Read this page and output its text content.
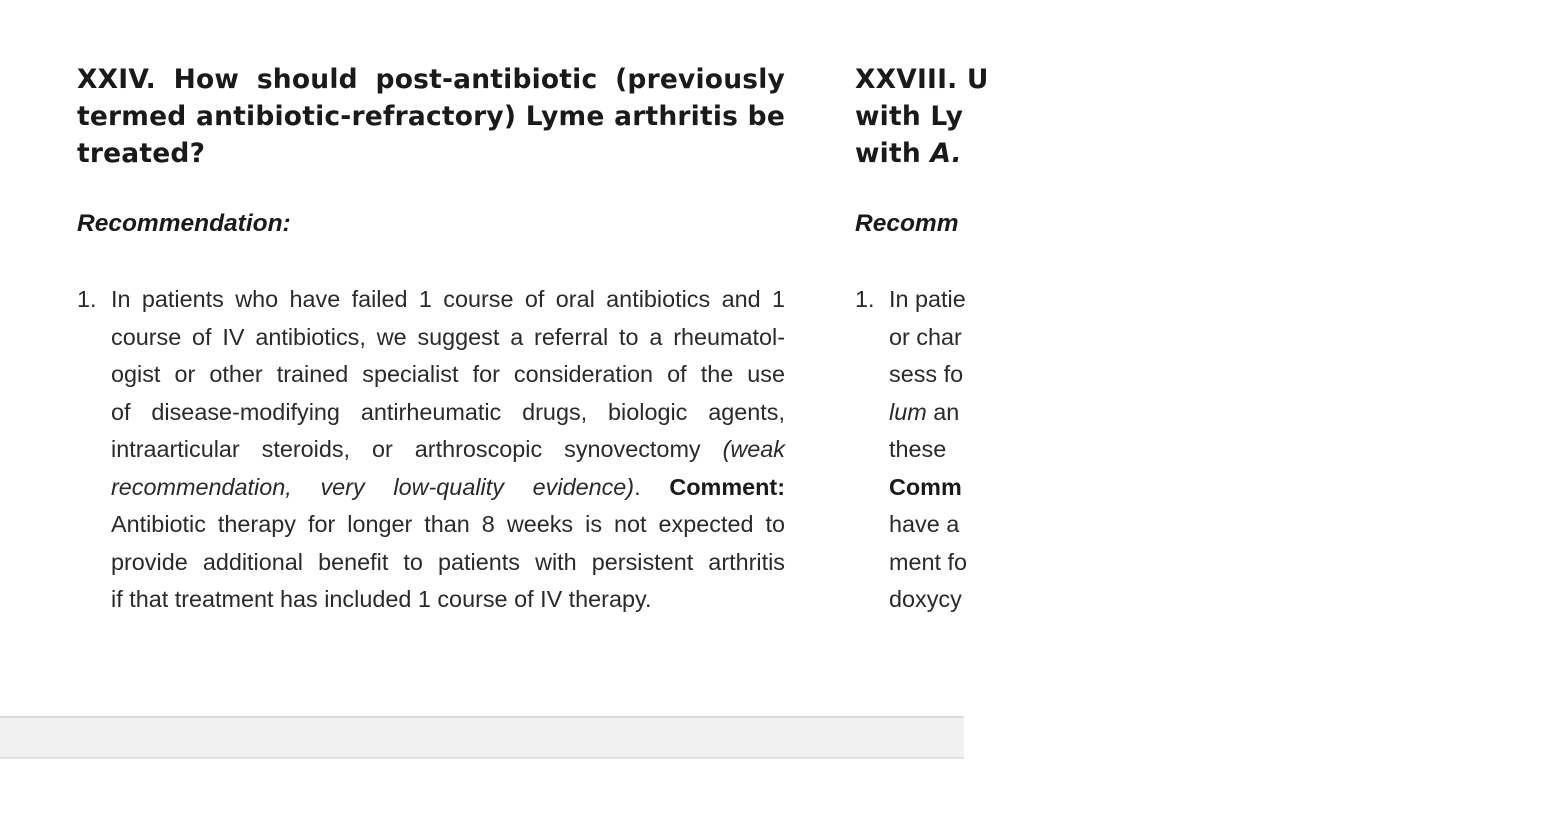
XXIV. How should post-antibiotic (previously
termed antibiotic-refractory) Lyme arthritis be
treated?
Recommendation:
1. In patients who have failed 1 course of oral antibiotics and 1
course of IV antibiotics, we suggest a referral to a rheumatol-
ogist or other trained specialist for consideration of the use
of disease-modifying antirheumatic drugs, biologic agents,
intraarticular steroids, or arthroscopic synovectomy (weak
recommendation, very low-quality evidence). Comment:
Antibiotic therapy for longer than 8 weeks is not expected to
provide additional benefit to patients with persistent arthritis
if that treatment has included 1 course of IV therapy.
XXVIII. U
with Ly
with A.
Recomm
1. In patie
or char
sess fo
lum an
these
Comm
have a
ment fo
doxycy
